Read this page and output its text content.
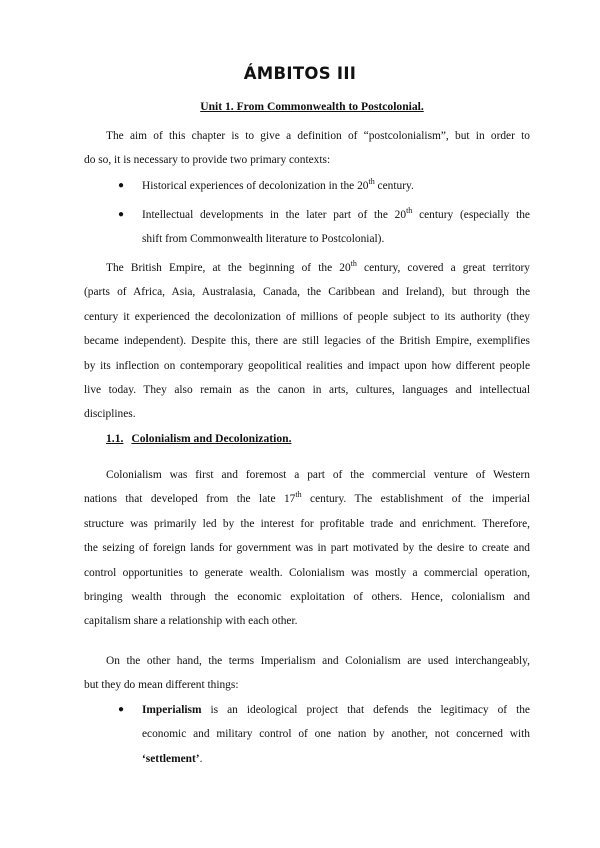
ÁMBITOS III
Unit 1. From Commonwealth to Postcolonial.
The aim of this chapter is to give a definition of “postcolonialism”, but in order to
do so, it is necessary to provide two primary contexts:
● Historical experiences of decolonization in the 20th century.
● Intellectual developments in the later part of the 20th century (especially the
shift from Commonwealth literature to Postcolonial).
The British Empire, at the beginning of the 20th century, covered a great territory
(parts of Africa, Asia, Australasia, Canada, the Caribbean and Ireland), but through the
century it experienced the decolonization of millions of people subject to its authority (they
became independent). Despite this, there are still legacies of the British Empire, exemplifies
by its inflection on contemporary geopolitical realities and impact upon how different people
live today. They also remain as the canon in arts, cultures, languages and intellectual
disciplines.
1.1. Colonialism and Decolonization.
Colonialism was first and foremost a part of the commercial venture of Western
nations that developed from the late 17th century. The establishment of the imperial
structure was primarily led by the interest for profitable trade and enrichment. Therefore,
the seizing of foreign lands for government was in part motivated by the desire to create and
control opportunities to generate wealth. Colonialism was mostly a commercial operation,
bringing wealth through the economic exploitation of others. Hence, colonialism and
capitalism share a relationship with each other.
On the other hand, the terms Imperialism and Colonialism are used interchangeably,
but they do mean different things:
● Imperialism is an ideological project that defends the legitimacy of the
economic and military control of one nation by another, not concerned with
‘settlement’.
